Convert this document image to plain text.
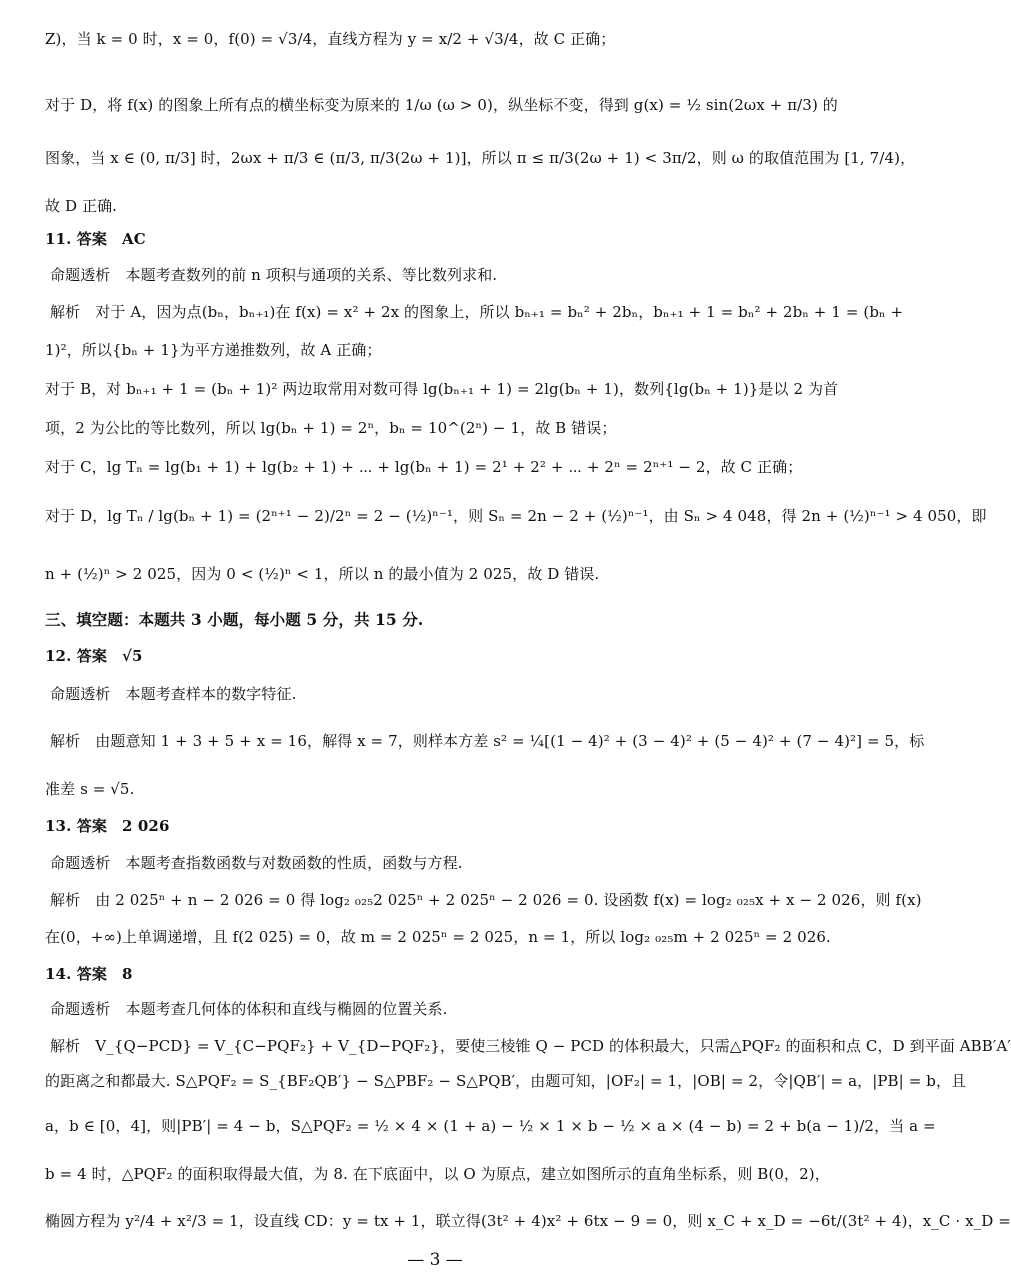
Z)，当 k = 0 时，x = 0，f(0) = √3/4，直线方程为 y = x/2 + √3/4，故 C 正确；
对于 D，将 f(x) 的图象上所有点的横坐标变为原来的 1/ω (ω > 0)，纵坐标不变，得到 g(x) = ½ sin(2ωx + π/3) 的
图象，当 x ∈ (0, π/3] 时，2ωx + π/3 ∈ (π/3, π/3(2ω + 1)]，所以 π ≤ π/3(2ω + 1) < 3π/2，则 ω 的取值范围为 [1, 7/4)，
故 D 正确.
11. 答案　AC
命题透析　本题考查数列的前 n 项积与通项的关系、等比数列求和.
解析　对于 A，因为点(bₙ，bₙ₊₁)在 f(x) = x² + 2x 的图象上，所以 bₙ₊₁ = bₙ² + 2bₙ，bₙ₊₁ + 1 = bₙ² + 2bₙ + 1 = (bₙ +
1)²，所以{bₙ + 1}为平方递推数列，故 A 正确；
对于 B，对 bₙ₊₁ + 1 = (bₙ + 1)² 两边取常用对数可得 lg(bₙ₊₁ + 1) = 2lg(bₙ + 1)，数列{lg(bₙ + 1)}是以 2 为首
项，2 为公比的等比数列，所以 lg(bₙ + 1) = 2ⁿ，bₙ = 10^(2ⁿ) − 1，故 B 错误；
对于 C，lg Tₙ = lg(b₁ + 1) + lg(b₂ + 1) + ⋯ + lg(bₙ + 1) = 2¹ + 2² + ⋯ + 2ⁿ = 2ⁿ⁺¹ − 2，故 C 正确；
对于 D，lg Tₙ / lg(bₙ + 1) = (2ⁿ⁺¹ − 2)/2ⁿ = 2 − (½)ⁿ⁻¹，则 Sₙ = 2n − 2 + (½)ⁿ⁻¹，由 Sₙ > 4 048，得 2n + (½)ⁿ⁻¹ > 4 050，即
n + (½)ⁿ > 2 025，因为 0 < (½)ⁿ < 1，所以 n 的最小值为 2 025，故 D 错误.
三、填空题：本题共 3 小题，每小题 5 分，共 15 分.
12. 答案　√5
命题透析　本题考查样本的数字特征.
解析　由题意知 1 + 3 + 5 + x = 16，解得 x = 7，则样本方差 s² = ¼[(1 − 4)² + (3 − 4)² + (5 − 4)² + (7 − 4)²] = 5，标
准差 s = √5.
13. 答案　2 026
命题透析　本题考查指数函数与对数函数的性质，函数与方程.
解析　由 2 025ⁿ + n − 2 026 = 0 得 log₂ ₀₂₅2 025ⁿ + 2 025ⁿ − 2 026 = 0. 设函数 f(x) = log₂ ₀₂₅x + x − 2 026，则 f(x)
在(0，+∞)上单调递增，且 f(2 025) = 0，故 m = 2 025ⁿ = 2 025，n = 1，所以 log₂ ₀₂₅m + 2 025ⁿ = 2 026.
14. 答案　8
命题透析　本题考查几何体的体积和直线与椭圆的位置关系.
解析　V_{Q−PCD} = V_{C−PQF₂} + V_{D−PQF₂}，要使三棱锥 Q − PCD 的体积最大，只需△PQF₂ 的面积和点 C，D 到平面 ABB′A′
的距离之和都最大. S△PQF₂ = S_{BF₂QB′} − S△PBF₂ − S△PQB′，由题可知，|OF₂| = 1，|OB| = 2，令|QB′| = a，|PB| = b，且
a，b ∈ [0，4]，则|PB′| = 4 − b，S△PQF₂ = ½ × 4 × (1 + a) − ½ × 1 × b − ½ × a × (4 − b) = 2 + b(a − 1)/2，当 a =
b = 4 时，△PQF₂ 的面积取得最大值，为 8. 在下底面中，以 O 为原点，建立如图所示的直角坐标系，则 B(0，2)，
椭圆方程为 y²/4 + x²/3 = 1，设直线 CD：y = tx + 1，联立得(3t² + 4)x² + 6tx − 9 = 0，则 x_C + x_D = −6t/(3t² + 4)，x_C · x_D =
— 3 —
